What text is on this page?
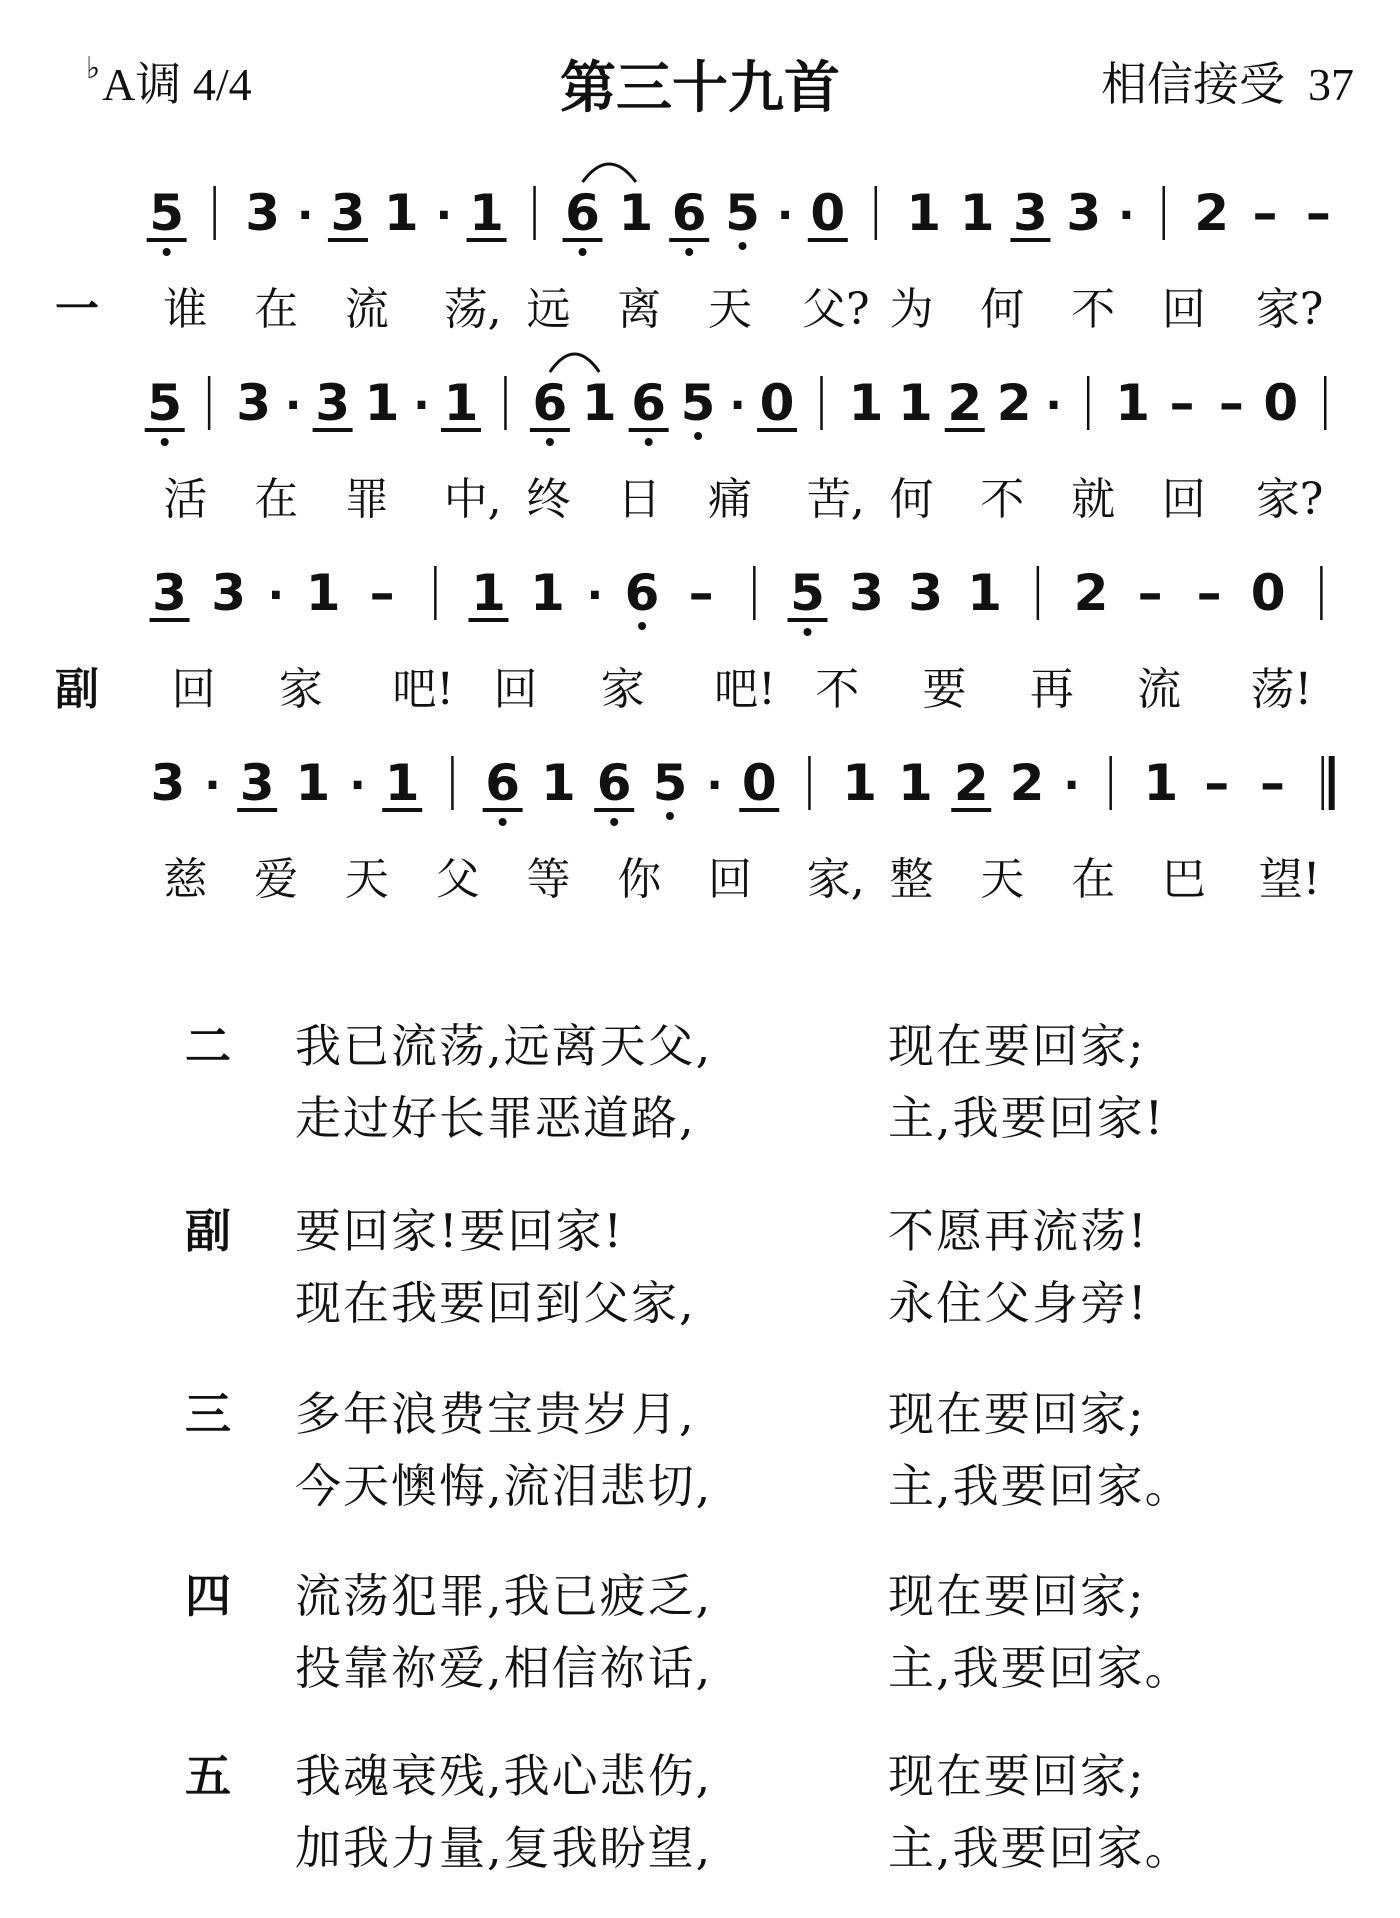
♭A调 4/4	第三十九首	相信接受 37
5 3 · 3 1 · 1 6 1 6 5 · 0 1 1 3 3 · 2 – –
5 3 · 3 1 · 1 6 1 6 5 · 0 1 1 2 2 · 1 – – 0
3 3 · 1 – 1 1 · 6 – 5 3 3 1 2 – – 0
3 · 3 1 · 1 6 1 6 5 · 0 1 1 2 2 · 1 – –
一 谁 在 流	荡, 远 离 天 父? 为 何 不 回 家?
活 在 罪	中, 终 日 痛	苦, 何 不 就 回 家?
副 回 家	吧! 回 家	吧! 不 要 再 流	荡!
慈 爱 天 父 等 你 回	家, 整 天 在 巴	望!
二 我已流荡,远离天父,	现在要回家;
走过好长罪恶道路,	主,我要回家!
副 要回家!要回家!	不愿再流荡!
现在我要回到父家,	永住父身旁!
三 多年浪费宝贵岁月,	现在要回家;
今天懊悔,流泪悲切,	主,我要回家。
四 流荡犯罪,我已疲乏,	现在要回家;
投靠祢爱,相信祢话,	主,我要回家。
五 我魂衰残,我心悲伤,	现在要回家;
加我力量,复我盼望,	主,我要回家。
